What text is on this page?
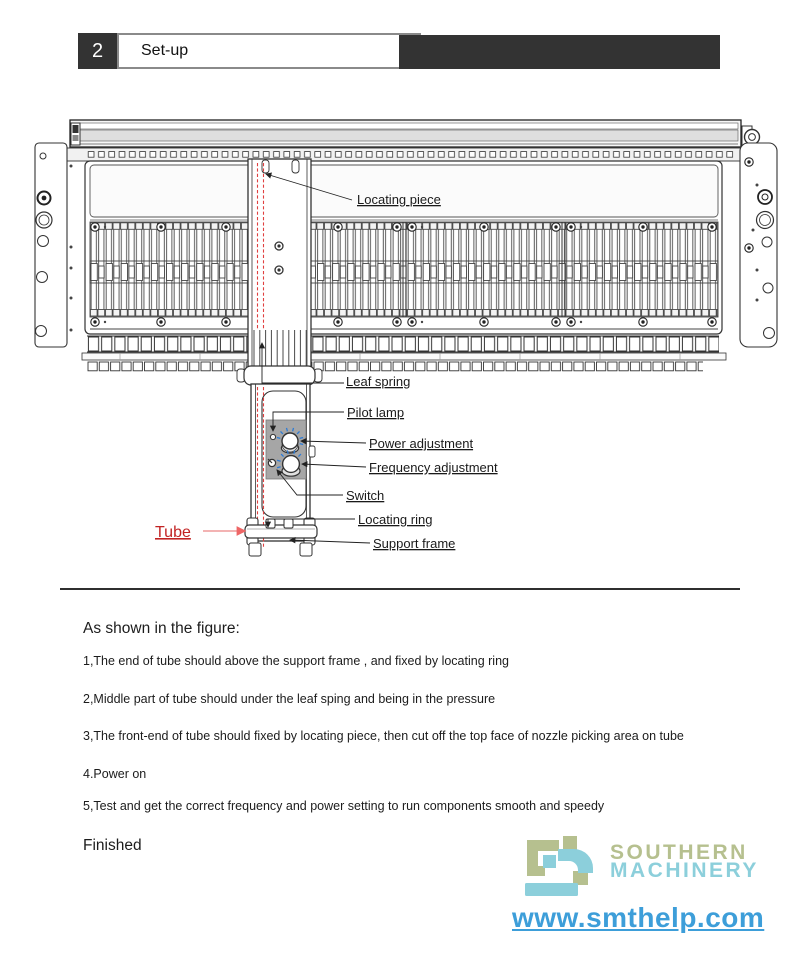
2 Set-up
Locating piece
Leaf spring
Pilot lamp
Power adjustment
Frequency adjustment
Switch
Locating ring
Support frame
Tube
As shown in the figure:
1,The end of tube should above the support frame , and fixed by locating ring
2,Middle part of tube should under the leaf sping and being in the pressure
3,The front-end of tube should fixed by locating piece, then cut off the top face of nozzle picking area on tube
4.Power on
5,Test and get the correct frequency and power setting to run components smooth and speedy
Finished	SOUTHERN
MACHINERY
www.smthelp.com
